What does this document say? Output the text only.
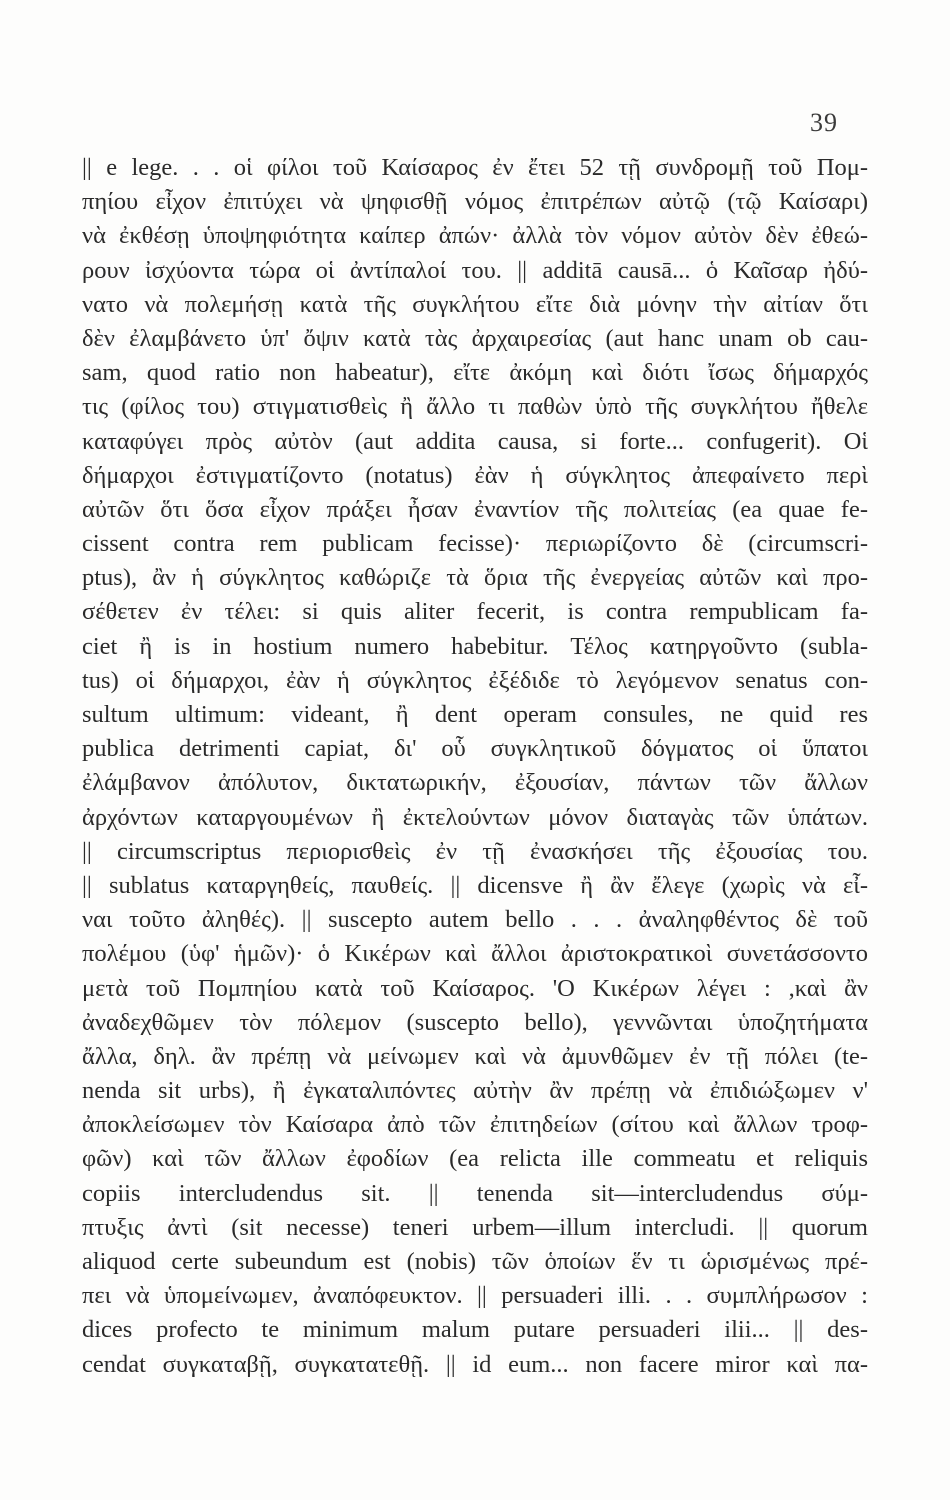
39
|| e lege. . . οἱ φίλοι τοῦ Καίσαρος ἐν ἔτει 52 τῇ συνδρομῇ τοῦ Πομ-
πηίου εἶχον ἐπιτύχει νὰ ψηφισθῇ νόμος ἐπιτρέπων αὐτῷ (τῷ Καίσαρι)
νὰ ἐκθέσῃ ὑποψηφιότητα καίπερ ἀπών· ἀλλὰ τὸν νόμον αὐτὸν δὲν ἐθεώ-
ρουν ἰσχύοντα τώρα οἱ ἀντίπαλοί του. || additā causā... ὁ Καῖσαρ ἠδύ-
νατο νὰ πολεμήσῃ κατὰ τῆς συγκλήτου εἴτε διὰ μόνην τὴν αἰτίαν ὅτι
δὲν ἐλαμβάνετο ὑπ' ὄψιν κατὰ τὰς ἀρχαιρεσίας (aut hanc unam ob cau-
sam, quod ratio non habeatur), εἴτε ἀκόμη καὶ διότι ἴσως δήμαρχός
τις (φίλος του) στιγματισθεὶς ἢ ἄλλο τι παθὼν ὑπὸ τῆς συγκλήτου ἤθελε
καταφύγει πρὸς αὐτὸν (aut addita causa, si forte... confugerit). Οἱ
δήμαρχοι ἐστιγματίζοντο (notatus) ἐὰν ἡ σύγκλητος ἀπεφαίνετο περὶ
αὐτῶν ὅτι ὅσα εἶχον πράξει ἦσαν ἐναντίον τῆς πολιτείας (ea quae fe-
cissent contra rem publicam fecisse)· περιωρίζοντο δὲ (circumscri-
ptus), ἂν ἡ σύγκλητος καθώριζε τὰ ὅρια τῆς ἐνεργείας αὐτῶν καὶ προ-
σέθετεν ἐν τέλει: si quis aliter fecerit, is contra rempublicam fa-
ciet ἢ is in hostium numero habebitur. Τέλος κατηργοῦντο (subla-
tus) οἱ δήμαρχοι, ἐὰν ἡ σύγκλητος ἐξέδιδε τὸ λεγόμενον senatus con-
sultum ultimum: videant, ἢ dent operam consules, ne quid res
publica detrimenti capiat, δι' οὗ συγκλητικοῦ δόγματος οἱ ὕπατοι
ἐλάμβανον ἀπόλυτον, δικτατωρικήν, ἐξουσίαν, πάντων τῶν ἄλλων
ἀρχόντων καταργουμένων ἢ ἐκτελούντων μόνον διαταγὰς τῶν ὑπάτων.
|| circumscriptus περιορισθεὶς ἐν τῇ ἐνασκήσει τῆς ἐξουσίας του.
|| sublatus καταργηθείς, παυθείς. || dicensve ἢ ἂν ἔλεγε (χωρὶς νὰ εἶ-
ναι τοῦτο ἀληθές). || suscepto autem bello . . . ἀναληφθέντος δὲ τοῦ
πολέμου (ὑφ' ἡμῶν)· ὁ Κικέρων καὶ ἄλλοι ἀριστοκρατικοὶ συνετάσσοντο
μετὰ τοῦ Πομπηίου κατὰ τοῦ Καίσαρος. 'Ο Κικέρων λέγει : ,καὶ ἂν
ἀναδεχθῶμεν τὸν πόλεμον (suscepto bello), γεννῶνται ὑποζητήματα
ἄλλα, δηλ. ἂν πρέπῃ νὰ μείνωμεν καὶ νὰ ἀμυνθῶμεν ἐν τῇ πόλει (te-
nenda sit urbs), ἢ ἐγκαταλιπόντες αὐτὴν ἂν πρέπῃ νὰ ἐπιδιώξωμεν ν'
ἀποκλείσωμεν τὸν Καίσαρα ἀπὸ τῶν ἐπιτηδείων (σίτου καὶ ἄλλων τροφ-
φῶν) καὶ τῶν ἄλλων ἐφοδίων (ea relicta ille commeatu et reliquis
copiis intercludendus sit. || tenenda sit—intercludendus σύμ-
πτυξις ἀντὶ (sit necesse) teneri urbem—illum intercludi. || quorum
aliquod certe subeundum est (nobis) τῶν ὁποίων ἕν τι ὡρισμένως πρέ-
πει νὰ ὑπομείνωμεν, ἀναπόφευκτον. || persuaderi illi. . . συμπλήρωσον :
dices profecto te minimum malum putare persuaderi ilii... || des-
cendat συγκαταβῇ, συγκατατεθῇ. || id eum... non facere miror καὶ πα-
